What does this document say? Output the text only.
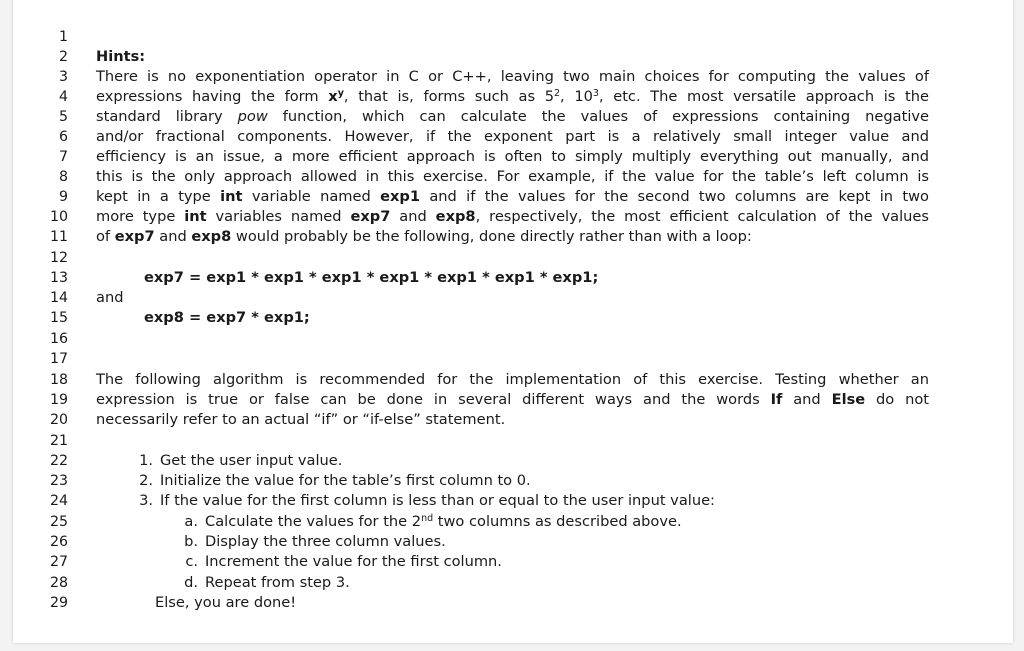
1
2 Hints:
3 There is no exponentiation operator in C or C++, leaving two main choices for computing the values of
4 expressions having the form $x^y$, that is, forms such as $5^2$, $10^3$, etc. The most versatile approach is the
5 standard library pow function, which can calculate the values of expressions containing negative
6 and/or fractional components. However, if the exponent part is a relatively small integer value and
7 efficiency is an issue, a more efficient approach is often to simply multiply everything out manually, and
8 this is the only approach allowed in this exercise. For example, if the value for the table’s left column is
9 kept in a type int variable named exp1 and if the values for the second two columns are kept in two
10 more type int variables named exp7 and exp8, respectively, the most efficient calculation of the values
11 of exp7 and exp8 would probably be the following, done directly rather than with a loop:
12
13	exp7 = exp1 * exp1 * exp1 * exp1 * exp1 * exp1 * exp1;
14 and
15	exp8 = exp7 * exp1;
16
17
18 The following algorithm is recommended for the implementation of this exercise. Testing whether an
19 expression is true or false can be done in several different ways and the words If and Else do not
20 necessarily refer to an actual “if” or “if-else” statement.
21
22	1. Get the user input value.
23	2. Initialize the value for the table’s first column to 0.
24	3. If the value for the first column is less than or equal to the user input value:
25	a. Calculate the values for the 2nd two columns as described above.
26	b. Display the three column values.
27	c. Increment the value for the first column.
28	d. Repeat from step 3.
29	Else, you are done!
